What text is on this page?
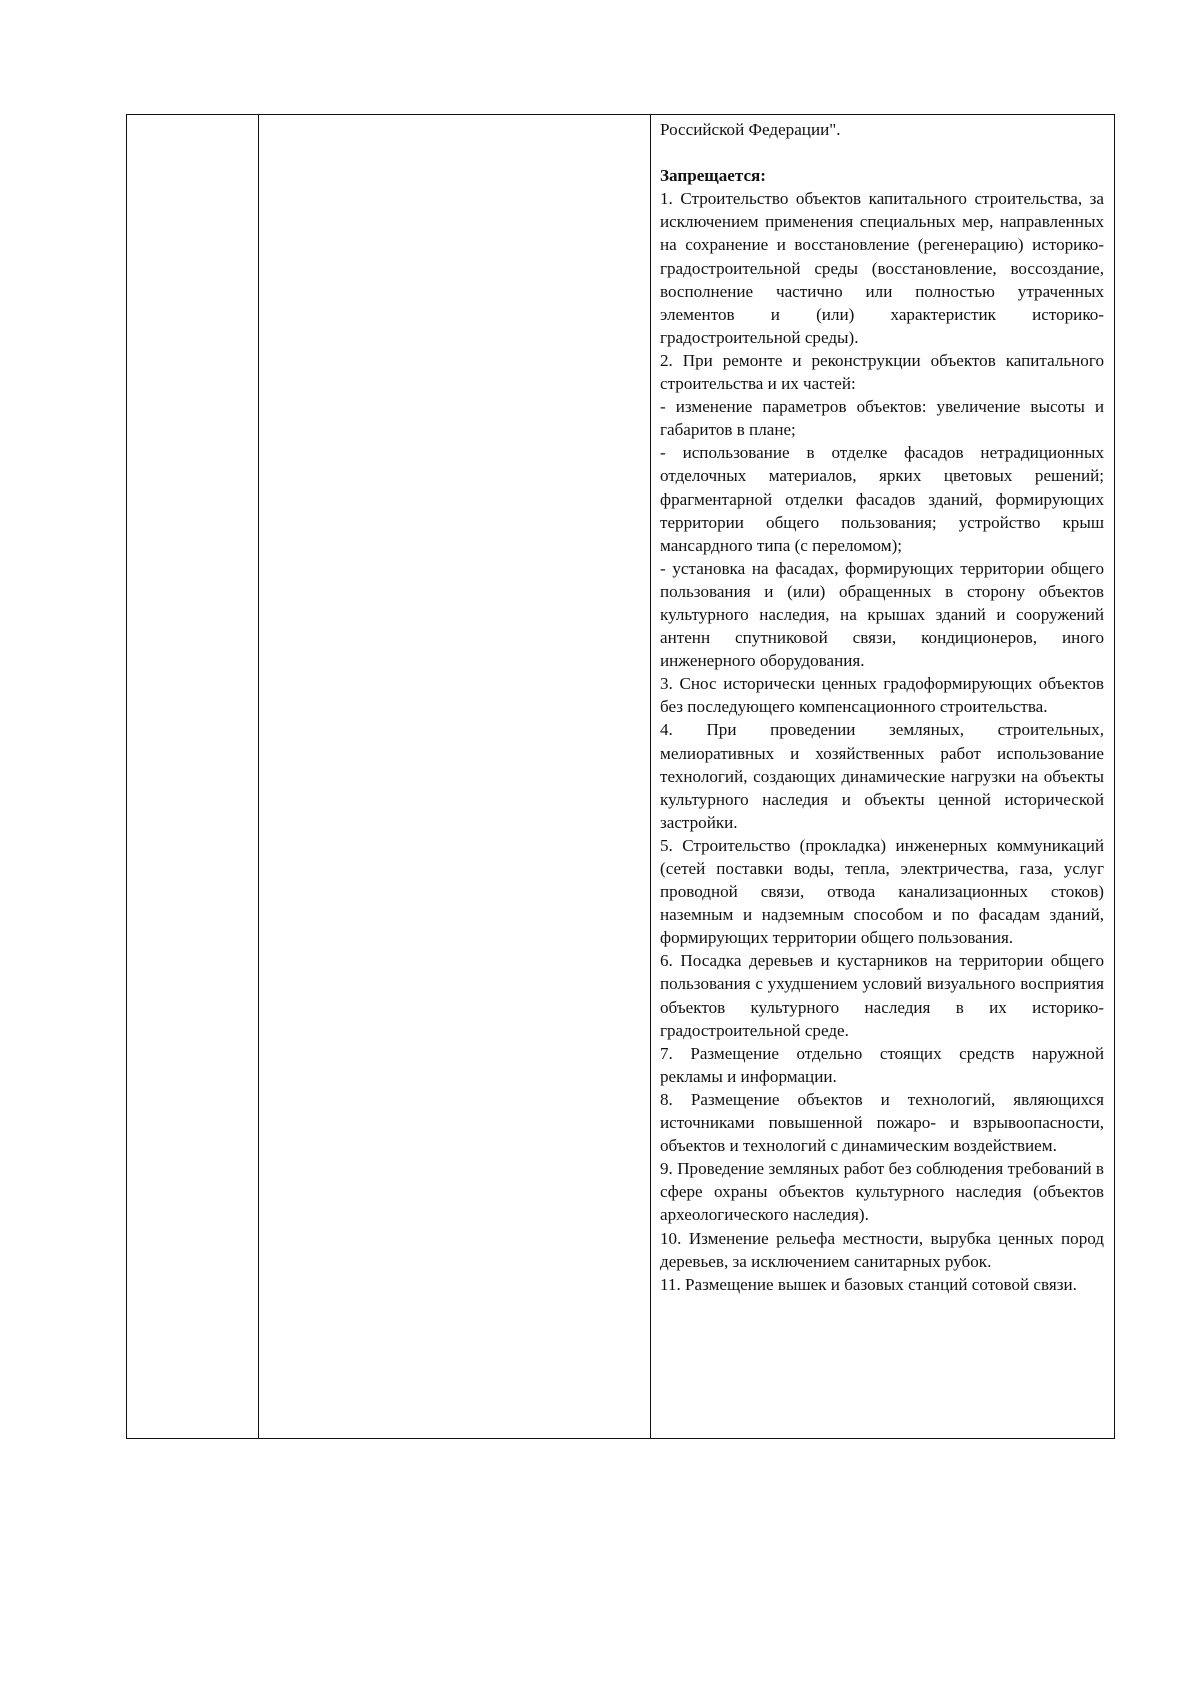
Российской Федерации".

Запрещается:

1. Строительство объектов капитального строительства, за исключением применения специальных мер, направленных на сохранение и восстановление (регенерацию) историко-градостроительной среды (восстановление, воссоздание, восполнение частично или полностью утраченных элементов и (или) характеристик историко-градостроительной среды).

2. При ремонте и реконструкции объектов капитального строительства и их частей:

- изменение параметров объектов: увеличение высоты и габаритов в плане;

- использование в отделке фасадов нетрадиционных отделочных материалов, ярких цветовых решений; фрагментарной отделки фасадов зданий, формирующих территории общего пользования; устройство крыш мансардного типа (с переломом);

- установка на фасадах, формирующих территории общего пользования и (или) обращенных в сторону объектов культурного наследия, на крышах зданий и сооружений антенн спутниковой связи, кондиционеров, иного инженерного оборудования.

3. Снос исторически ценных градоформирующих объектов без последующего компенсационного строительства.

4. При проведении земляных, строительных, мелиоративных и хозяйственных работ использование технологий, создающих динамические нагрузки на объекты культурного наследия и объекты ценной исторической застройки.

5. Строительство (прокладка) инженерных коммуникаций (сетей поставки воды, тепла, электричества, газа, услуг проводной связи, отвода канализационных стоков) наземным и надземным способом и по фасадам зданий, формирующих территории общего пользования.

6. Посадка деревьев и кустарников на территории общего пользования с ухудшением условий визуального восприятия объектов культурного наследия в их историко-градостроительной среде.

7. Размещение отдельно стоящих средств наружной рекламы и информации.

8. Размещение объектов и технологий, являющихся источниками повышенной пожаро- и взрывоопасности, объектов и технологий с динамическим воздействием.

9. Проведение земляных работ без соблюдения требований в сфере охраны объектов культурного наследия (объектов археологического наследия).

10. Изменение рельефа местности, вырубка ценных пород деревьев, за исключением санитарных рубок.

11. Размещение вышек и базовых станций сотовой связи.
